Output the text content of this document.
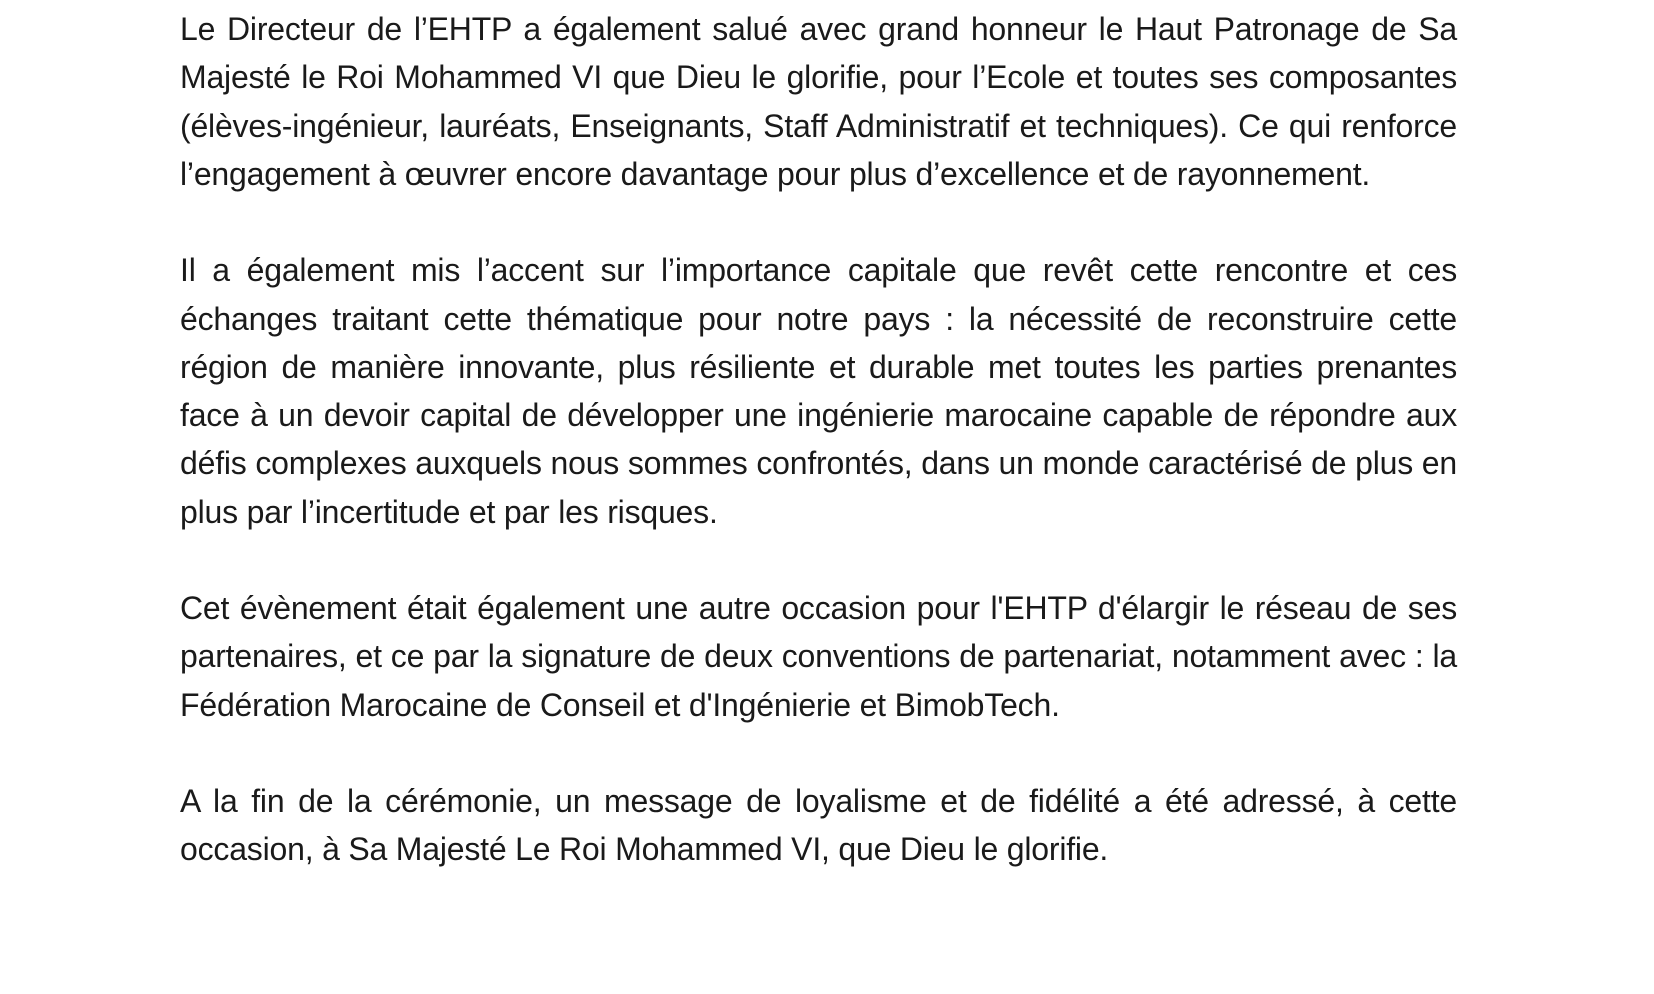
Le Directeur de l’EHTP a également salué avec grand honneur le Haut Patronage de Sa Majesté le Roi Mohammed VI que Dieu le glorifie, pour l’Ecole et toutes ses composantes (élèves-ingénieur, lauréats, Enseignants, Staff Administratif et techniques). Ce qui renforce l’engagement à œuvrer encore davantage pour plus d’excellence et de rayonnement.

Il a également mis l’accent sur l’importance capitale que revêt cette rencontre et ces échanges traitant cette thématique pour notre pays : la nécessité de reconstruire cette région de manière innovante, plus résiliente et durable met toutes les parties prenantes face à un devoir capital de développer une ingénierie marocaine capable de répondre aux défis complexes auxquels nous sommes confrontés, dans un monde caractérisé de plus en plus par l’incertitude et par les risques.

Cet évènement était également une autre occasion pour l'EHTP d'élargir le réseau de ses partenaires, et ce par la signature de deux conventions de partenariat, notamment avec : la Fédération Marocaine de Conseil et d'Ingénierie et BimobTech.

A la fin de la cérémonie, un message de loyalisme et de fidélité a été adressé, à cette occasion, à Sa Majesté Le Roi Mohammed VI, que Dieu le glorifie.
